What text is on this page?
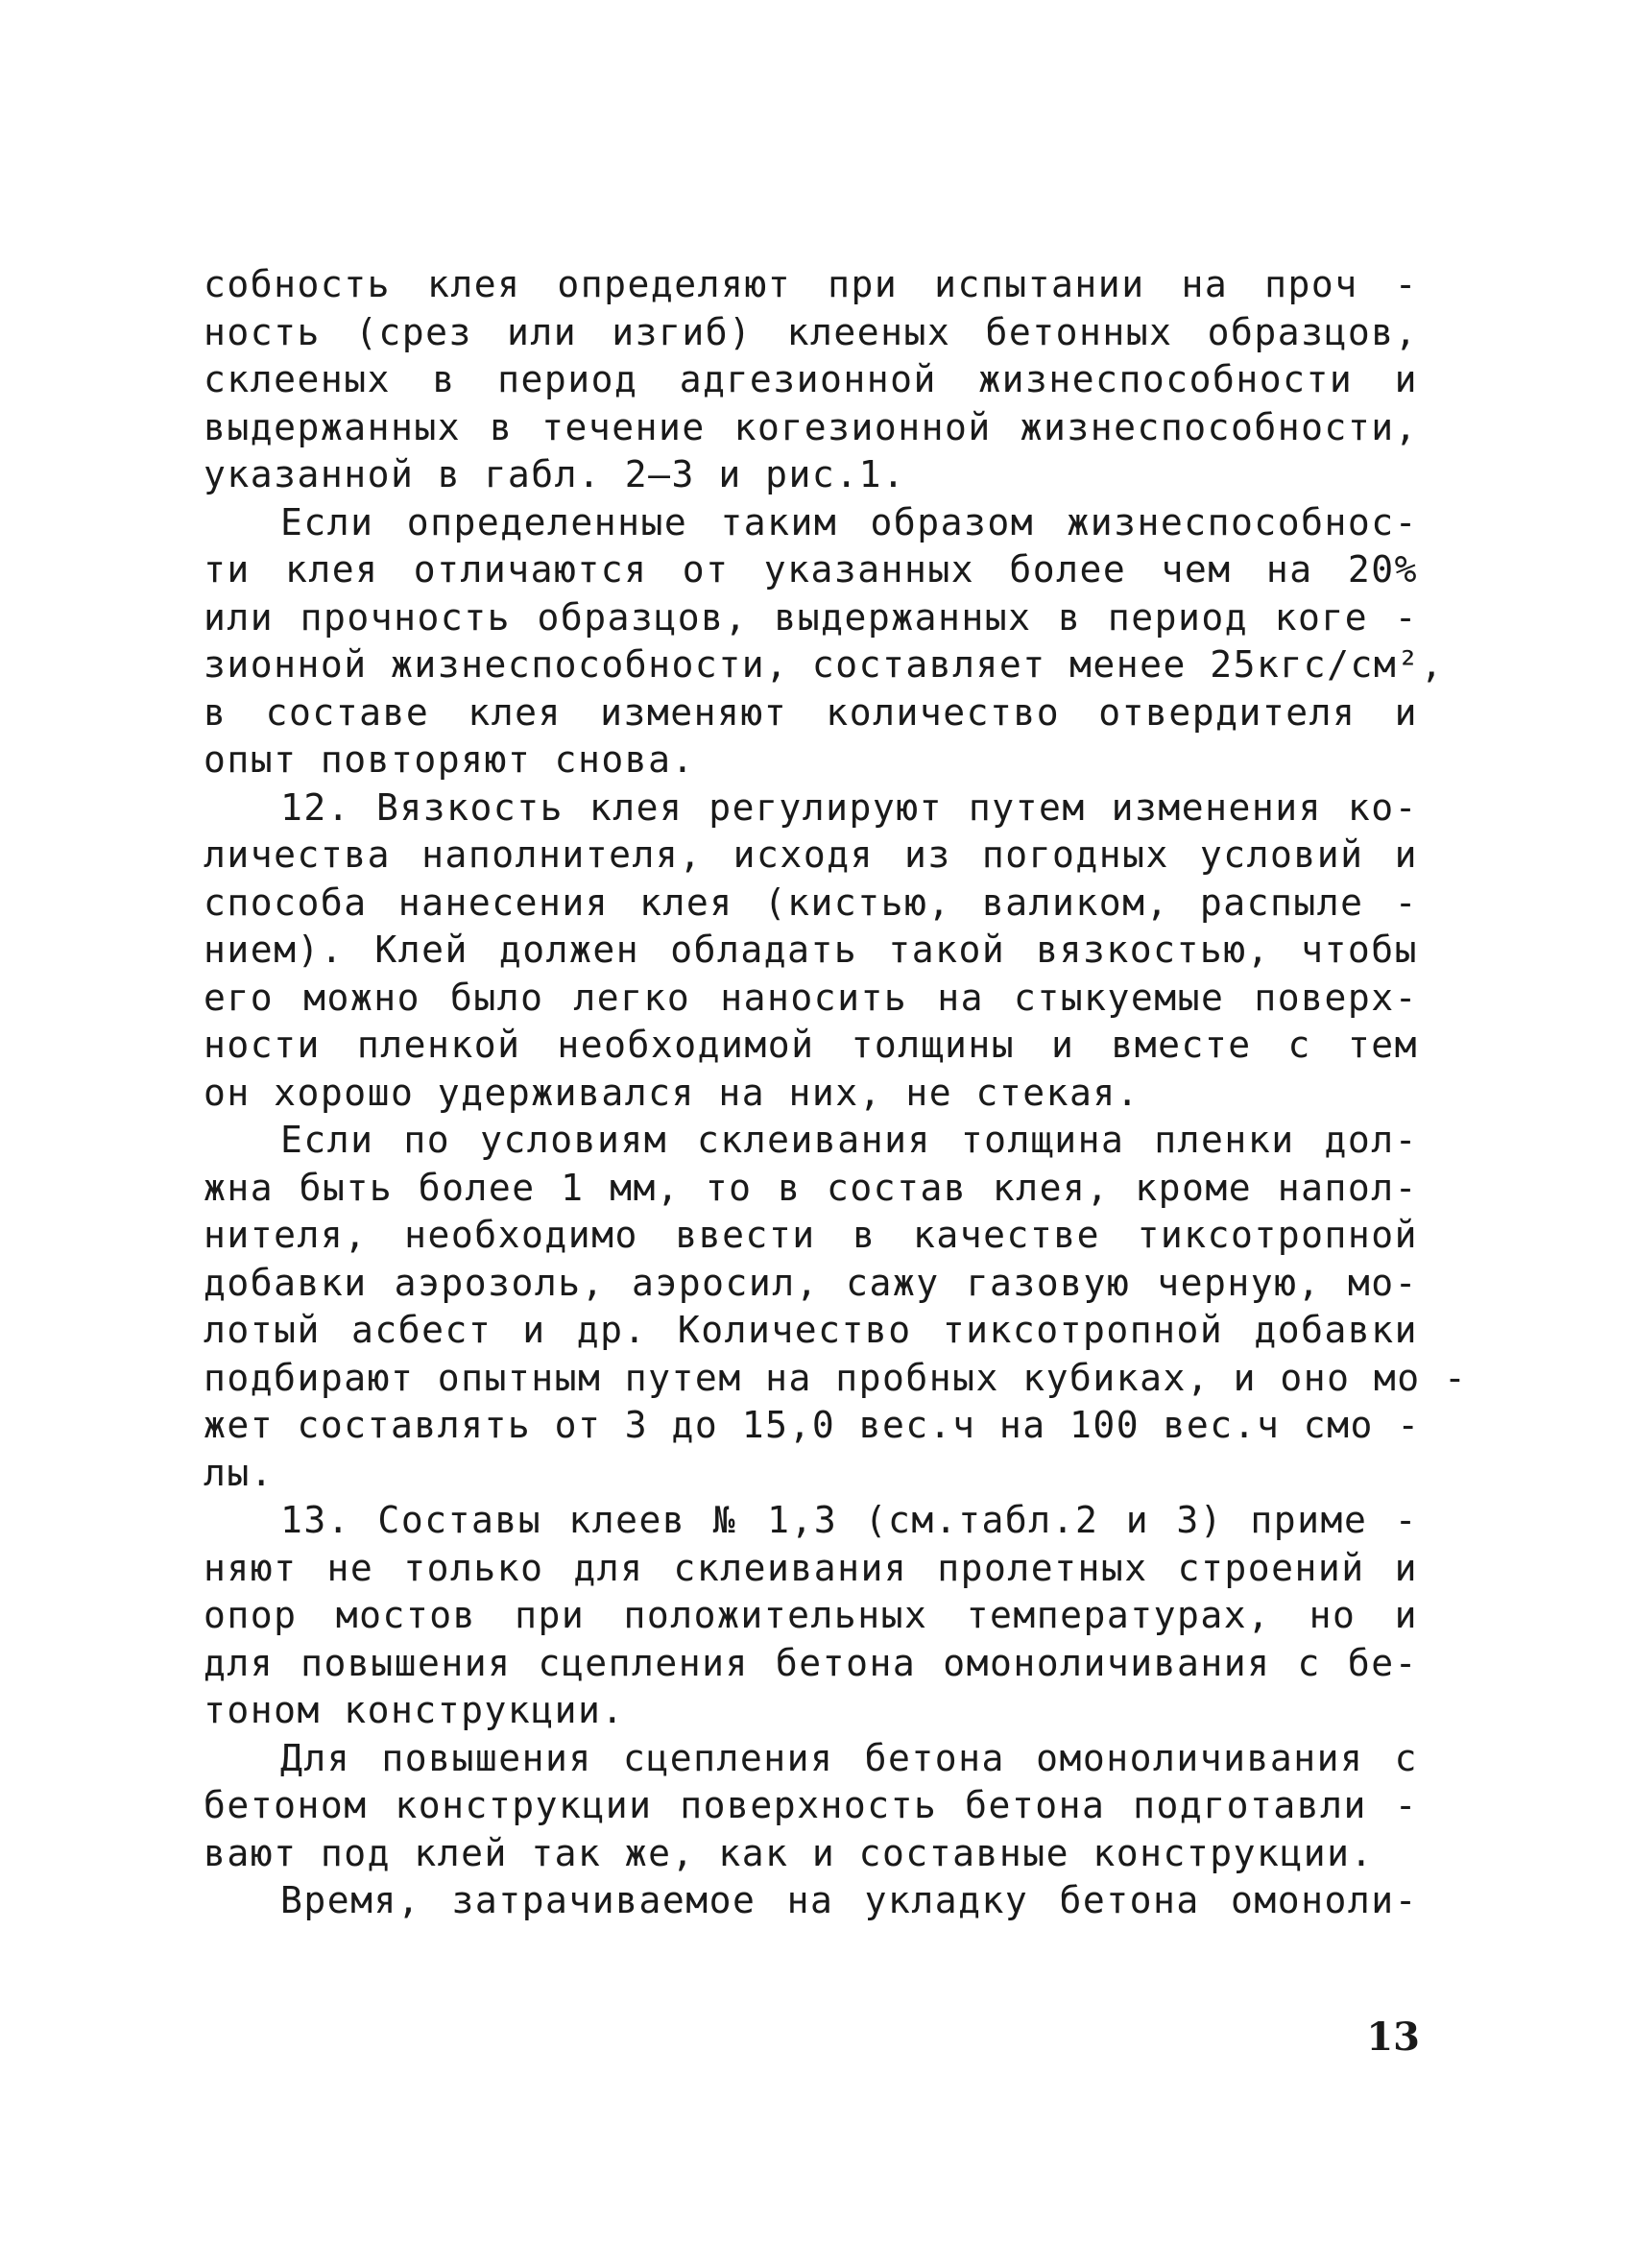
собность клея определяют при испытании на проч -
ность (срез или изгиб) клееных бетонных образцов,
склееных в период адгезионной жизнеспособности и
выдержанных в течение когезионной жизнеспособности,
указанной в габл. 2–3 и рис.1.
Если определенные таким образом жизнеспособнос-
ти клея отличаются от указанных более чем на 20%
или прочность образцов, выдержанных в период коге -
зионной жизнеспособности, составляет менее 25кгс/см²,
в составе клея изменяют количество отвердителя и
опыт повторяют снова.
12. Вязкость клея регулируют путем изменения ко-
личества наполнителя, исходя из погодных условий и
способа нанесения клея (кистью, валиком, распыле -
нием). Клей должен обладать такой вязкостью, чтобы
его можно было легко наносить на стыкуемые поверх-
ности пленкой необходимой толщины и вместе с тем
он хорошо удерживался на них, не стекая.
Если по условиям склеивания толщина пленки дол-
жна быть более 1 мм, то в состав клея, кроме напол-
нителя, необходимо ввести в качестве тиксотропной
добавки аэрозоль, аэросил, сажу газовую черную, мо-
лотый асбест и др. Количество тиксотропной добавки
подбирают опытным путем на пробных кубиках, и оно мо -
жет составлять от 3 до 15,0 вес.ч на 100 вес.ч смо -
лы.
13. Составы клеев № 1,3 (см.табл.2 и 3) приме -
няют не только для склеивания пролетных строений и
опор мостов при положительных температурах, но и
для повышения сцепления бетона омоноличивания с бе-
тоном конструкции.
Для повышения сцепления бетона омоноличивания с
бетоном конструкции поверхность бетона подготавли -
вают под клей так же, как и составные конструкции.
Время, затрачиваемое на укладку бетона омоноли-
13
